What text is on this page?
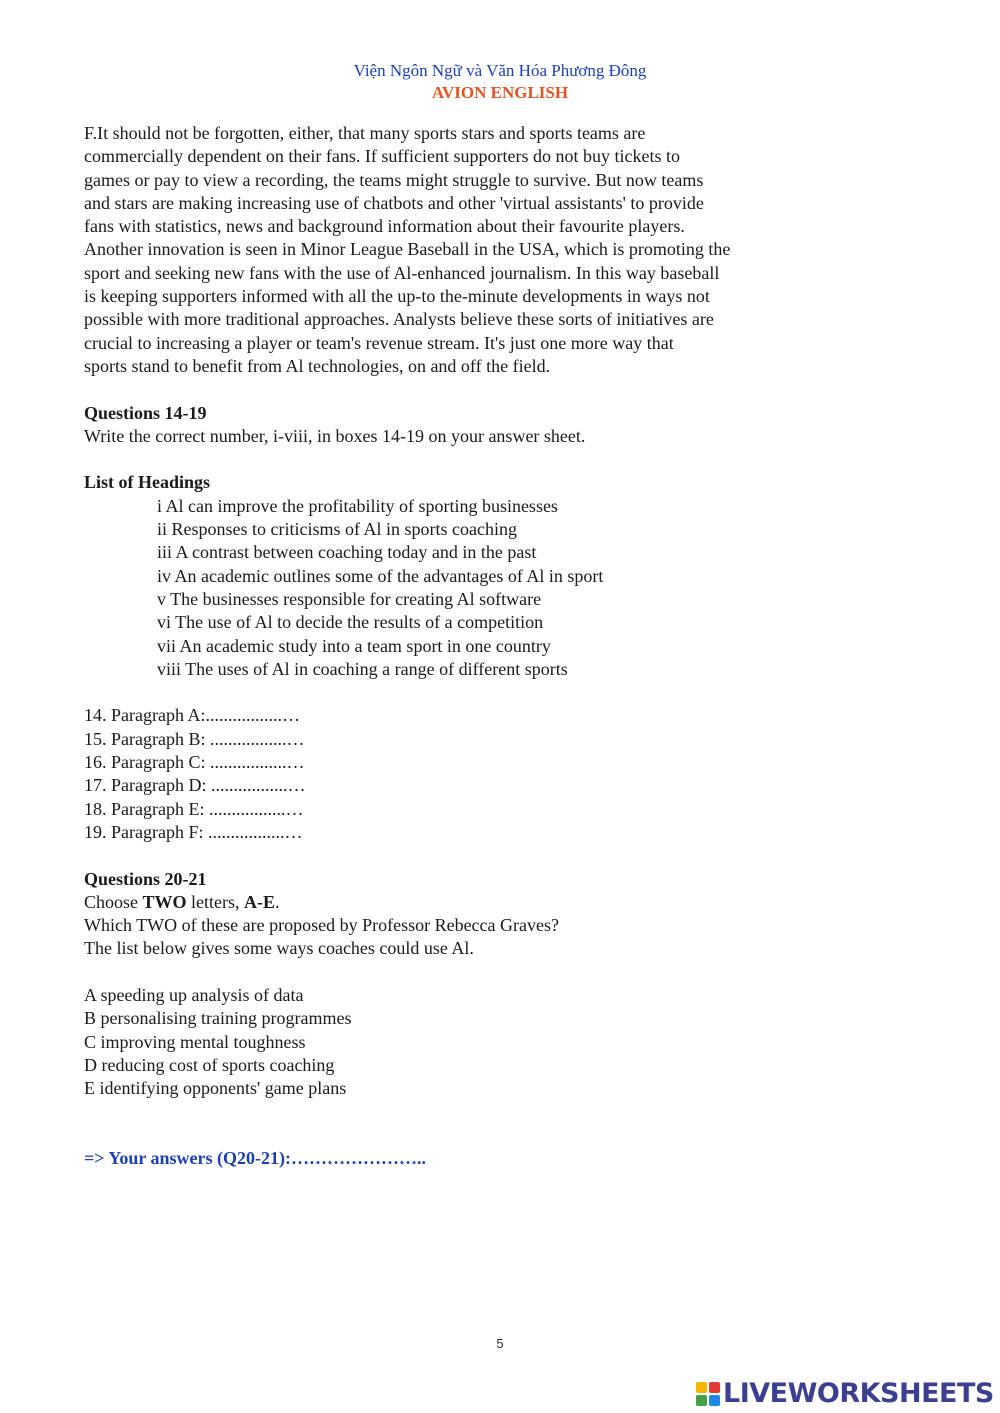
Viện Ngôn Ngữ và Văn Hóa Phương Đông
AVION ENGLISH

F.It should not be forgotten, either, that many sports stars and sports teams are

commercially dependent on their fans. If sufficient supporters do not buy tickets to

games or pay to view a recording, the teams might struggle to survive. But now teams

and stars are making increasing use of chatbots and other 'virtual assistants' to provide

fans with statistics, news and background information about their favourite players.

Another innovation is seen in Minor League Baseball in the USA, which is promoting the

sport and seeking new fans with the use of Al-enhanced journalism. In this way baseball

is keeping supporters informed with all the up-to the-minute developments in ways not

possible with more traditional approaches. Analysts believe these sorts of initiatives are

crucial to increasing a player or team's revenue stream. It's just one more way that

sports stand to benefit from Al technologies, on and off the field.

Questions 14-19

Write the correct number, i-viii, in boxes 14-19 on your answer sheet.

List of Headings

i Al can improve the profitability of sporting businesses

ii Responses to criticisms of Al in sports coaching

iii A contrast between coaching today and in the past

iv An academic outlines some of the advantages of Al in sport

v The businesses responsible for creating Al software

vi The use of Al to decide the results of a competition

vii An academic study into a team sport in one country

viii The uses of Al in coaching a range of different sports

14. Paragraph A:.................…

15. Paragraph B: .................…

16. Paragraph C: .................…

17. Paragraph D: .................…

18. Paragraph E: .................…

19. Paragraph F: .................…

Questions 20-21

Choose TWO letters, A-E.

Which TWO of these are proposed by Professor Rebecca Graves?

The list below gives some ways coaches could use Al.

A speeding up analysis of data

B personalising training programmes

C improving mental toughness

D reducing cost of sports coaching

E identifying opponents' game plans

=> Your answers (Q20-21):…………………..

5
LIVEWORKSHEETS
